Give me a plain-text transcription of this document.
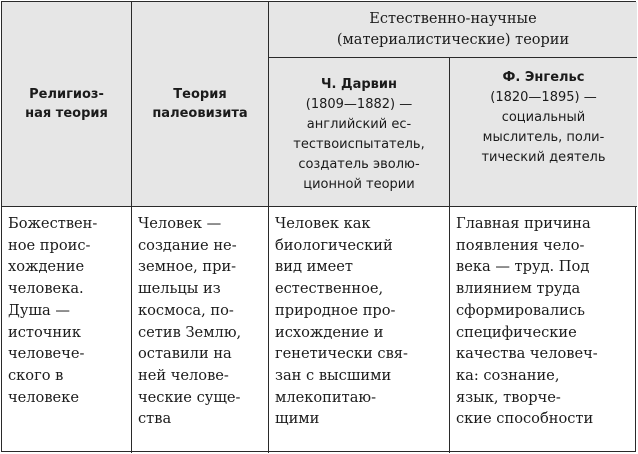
Религиоз-
ная теория
Теория
палеовизита
Естественно-научные
(материалистические) теории
Ч. Дарвин
(1809—1882) —
английский ес-
тествоиспытатель,
создатель эволю-
ционной теории
Ф. Энгельс
(1820—1895) —
социальный
мыслитель, поли-
тический деятель
Божествен-
ное проис-
хождение
человека.
Душа —
источник
человече-
ского в
человеке
Человек —
создание не-
земное, при-
шельцы из
космоса, по-
сетив Землю,
оставили на
ней челове-
ческие суще-
ства
Человек как
биологический
вид имеет
естественное,
природное про-
исхождение и
генетически свя-
зан с высшими
млекопитаю-
щими
Главная причина
появления чело-
века — труд. Под
влиянием труда
сформировались
специфические
качества человеч-
ка: сознание,
язык, творче-
ские способности
